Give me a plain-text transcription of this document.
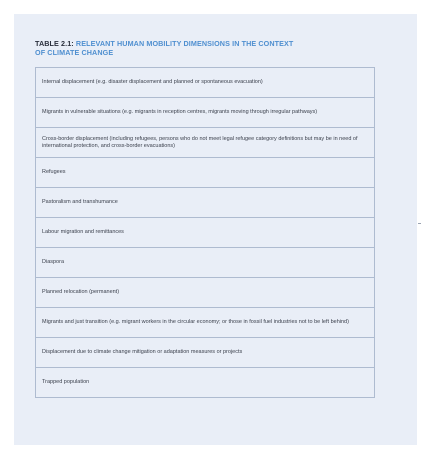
TABLE 2.1: RELEVANT HUMAN MOBILITY DIMENSIONS IN THE CONTEXT
OF CLIMATE CHANGE
Internal displacement (e.g. disaster displacement and planned or spontaneous evacuation)
Migrants in vulnerable situations (e.g. migrants in reception centres, migrants moving through irregular pathways)
Cross-border displacement (including refugees, persons who do not meet legal refugee category definitions but may be in need of international protection, and cross-border evacuations)
Refugees
Pastoralism and transhumance
Labour migration and remittances
Diaspora
Planned relocation (permanent)
Migrants and just transition (e.g. migrant workers in the circular economy; or those in fossil fuel industries not to be left behind)
Displacement due to climate change mitigation or adaptation measures or projects
Trapped population
